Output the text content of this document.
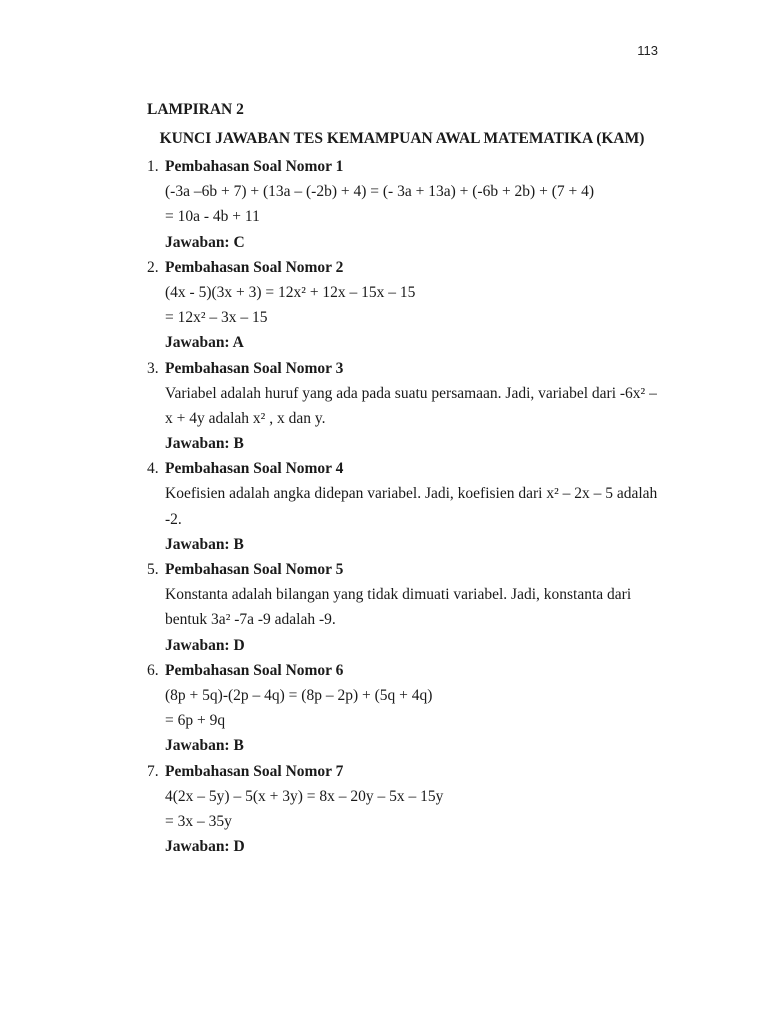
113
LAMPIRAN 2
KUNCI JAWABAN TES KEMAMPUAN AWAL MATEMATIKA (KAM)
1. Pembahasan Soal Nomor 1
(-3a –6b + 7) + (13a – (-2b) + 4) = (- 3a + 13a) + (-6b + 2b) + (7 + 4)
= 10a - 4b + 11
Jawaban: C
2. Pembahasan Soal Nomor 2
(4x - 5)(3x + 3) = 12x² + 12x – 15x – 15
= 12x² – 3x – 15
Jawaban: A
3. Pembahasan Soal Nomor 3
Variabel adalah huruf yang ada pada suatu persamaan. Jadi, variabel dari -6x² –
x + 4y adalah x² , x dan y.
Jawaban: B
4. Pembahasan Soal Nomor 4
Koefisien adalah angka didepan variabel. Jadi, koefisien dari x² – 2x – 5 adalah
-2.
Jawaban: B
5. Pembahasan Soal Nomor 5
Konstanta adalah bilangan yang tidak dimuati variabel. Jadi, konstanta dari
bentuk 3a² -7a -9 adalah -9.
Jawaban: D
6. Pembahasan Soal Nomor 6
(8p + 5q)-(2p – 4q) = (8p – 2p) + (5q + 4q)
= 6p + 9q
Jawaban: B
7. Pembahasan Soal Nomor 7
4(2x – 5y) – 5(x + 3y) = 8x – 20y – 5x – 15y
= 3x – 35y
Jawaban: D
